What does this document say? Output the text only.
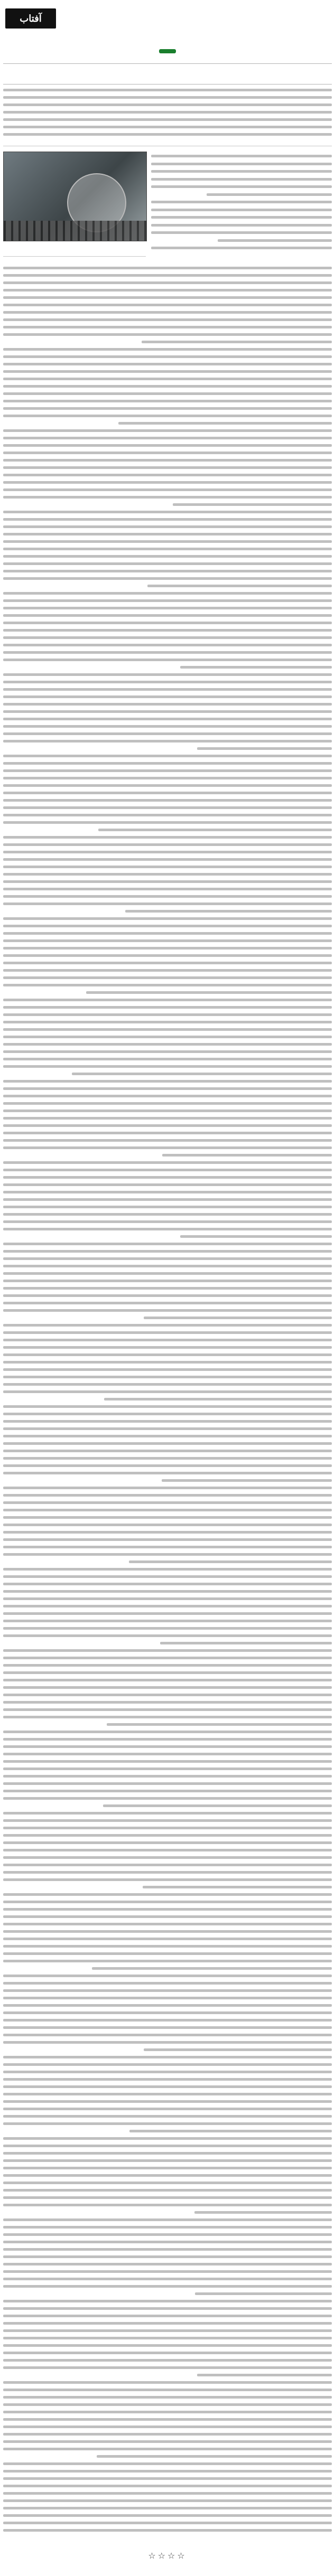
آفتاب
☆☆☆☆
